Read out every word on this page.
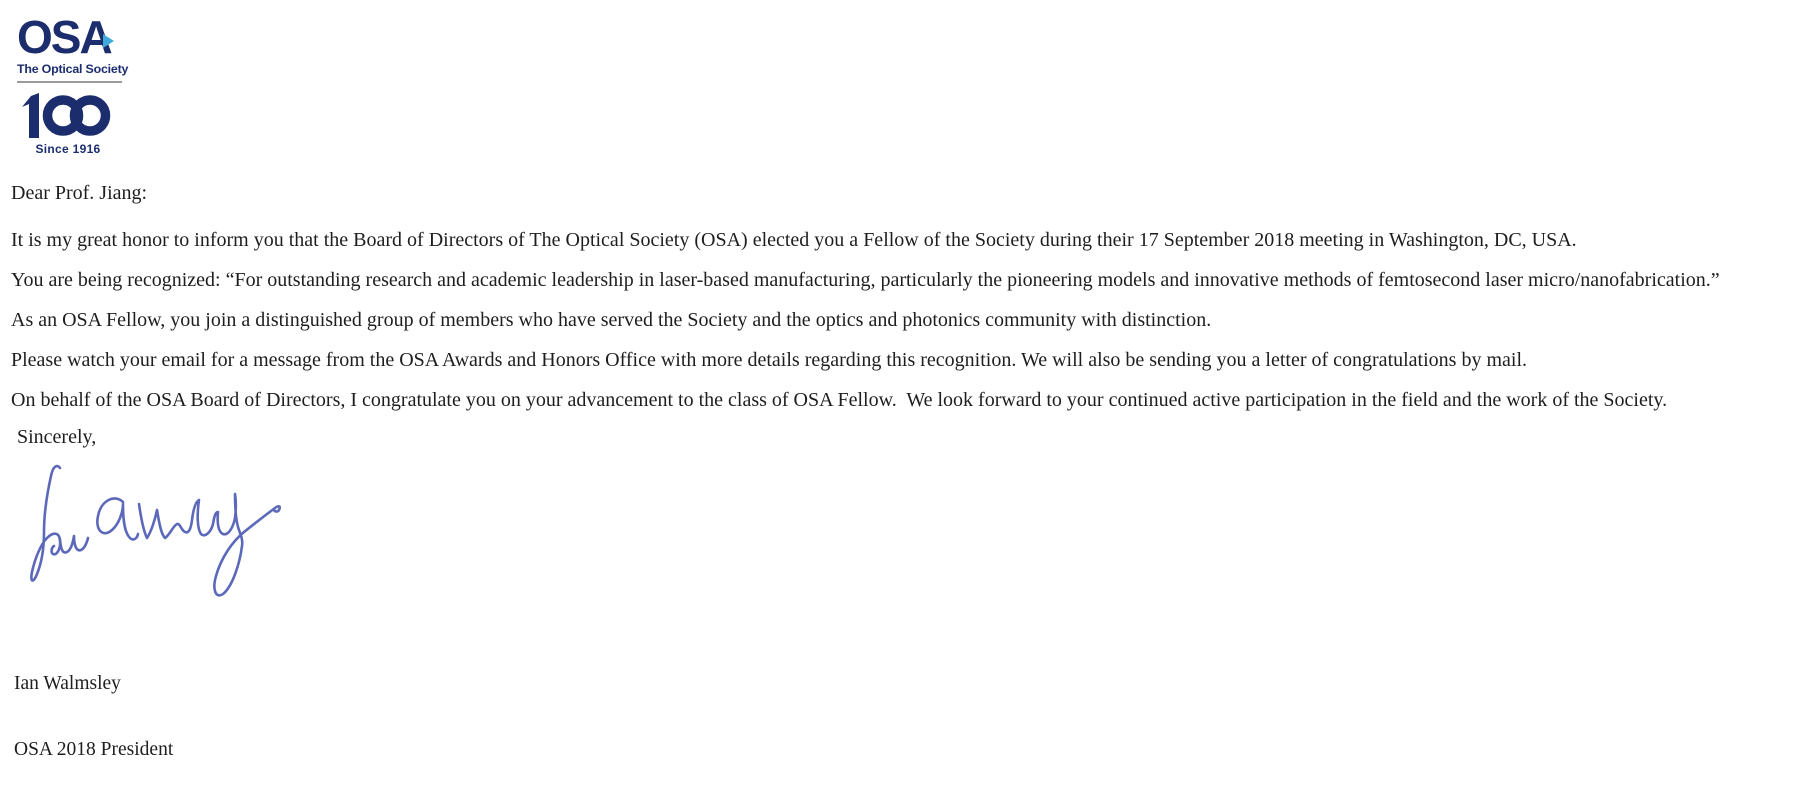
OSA
The Optical Society
Since 1916

Dear Prof. Jiang:

It is my great honor to inform you that the Board of Directors of The Optical Society (OSA) elected you a Fellow of the Society during their 17 September 2018 meeting in Washington, DC, USA.

You are being recognized: “For outstanding research and academic leadership in laser-based manufacturing, particularly the pioneering models and innovative methods of femtosecond laser micro/nanofabrication.”

As an OSA Fellow, you join a distinguished group of members who have served the Society and the optics and photonics community with distinction.

Please watch your email for a message from the OSA Awards and Honors Office with more details regarding this recognition. We will also be sending you a letter of congratulations by mail.

On behalf of the OSA Board of Directors, I congratulate you on your advancement to the class of OSA Fellow.  We look forward to your continued active participation in the field and the work of the Society.

Sincerely,

Ian Walmsley

OSA 2018 President
